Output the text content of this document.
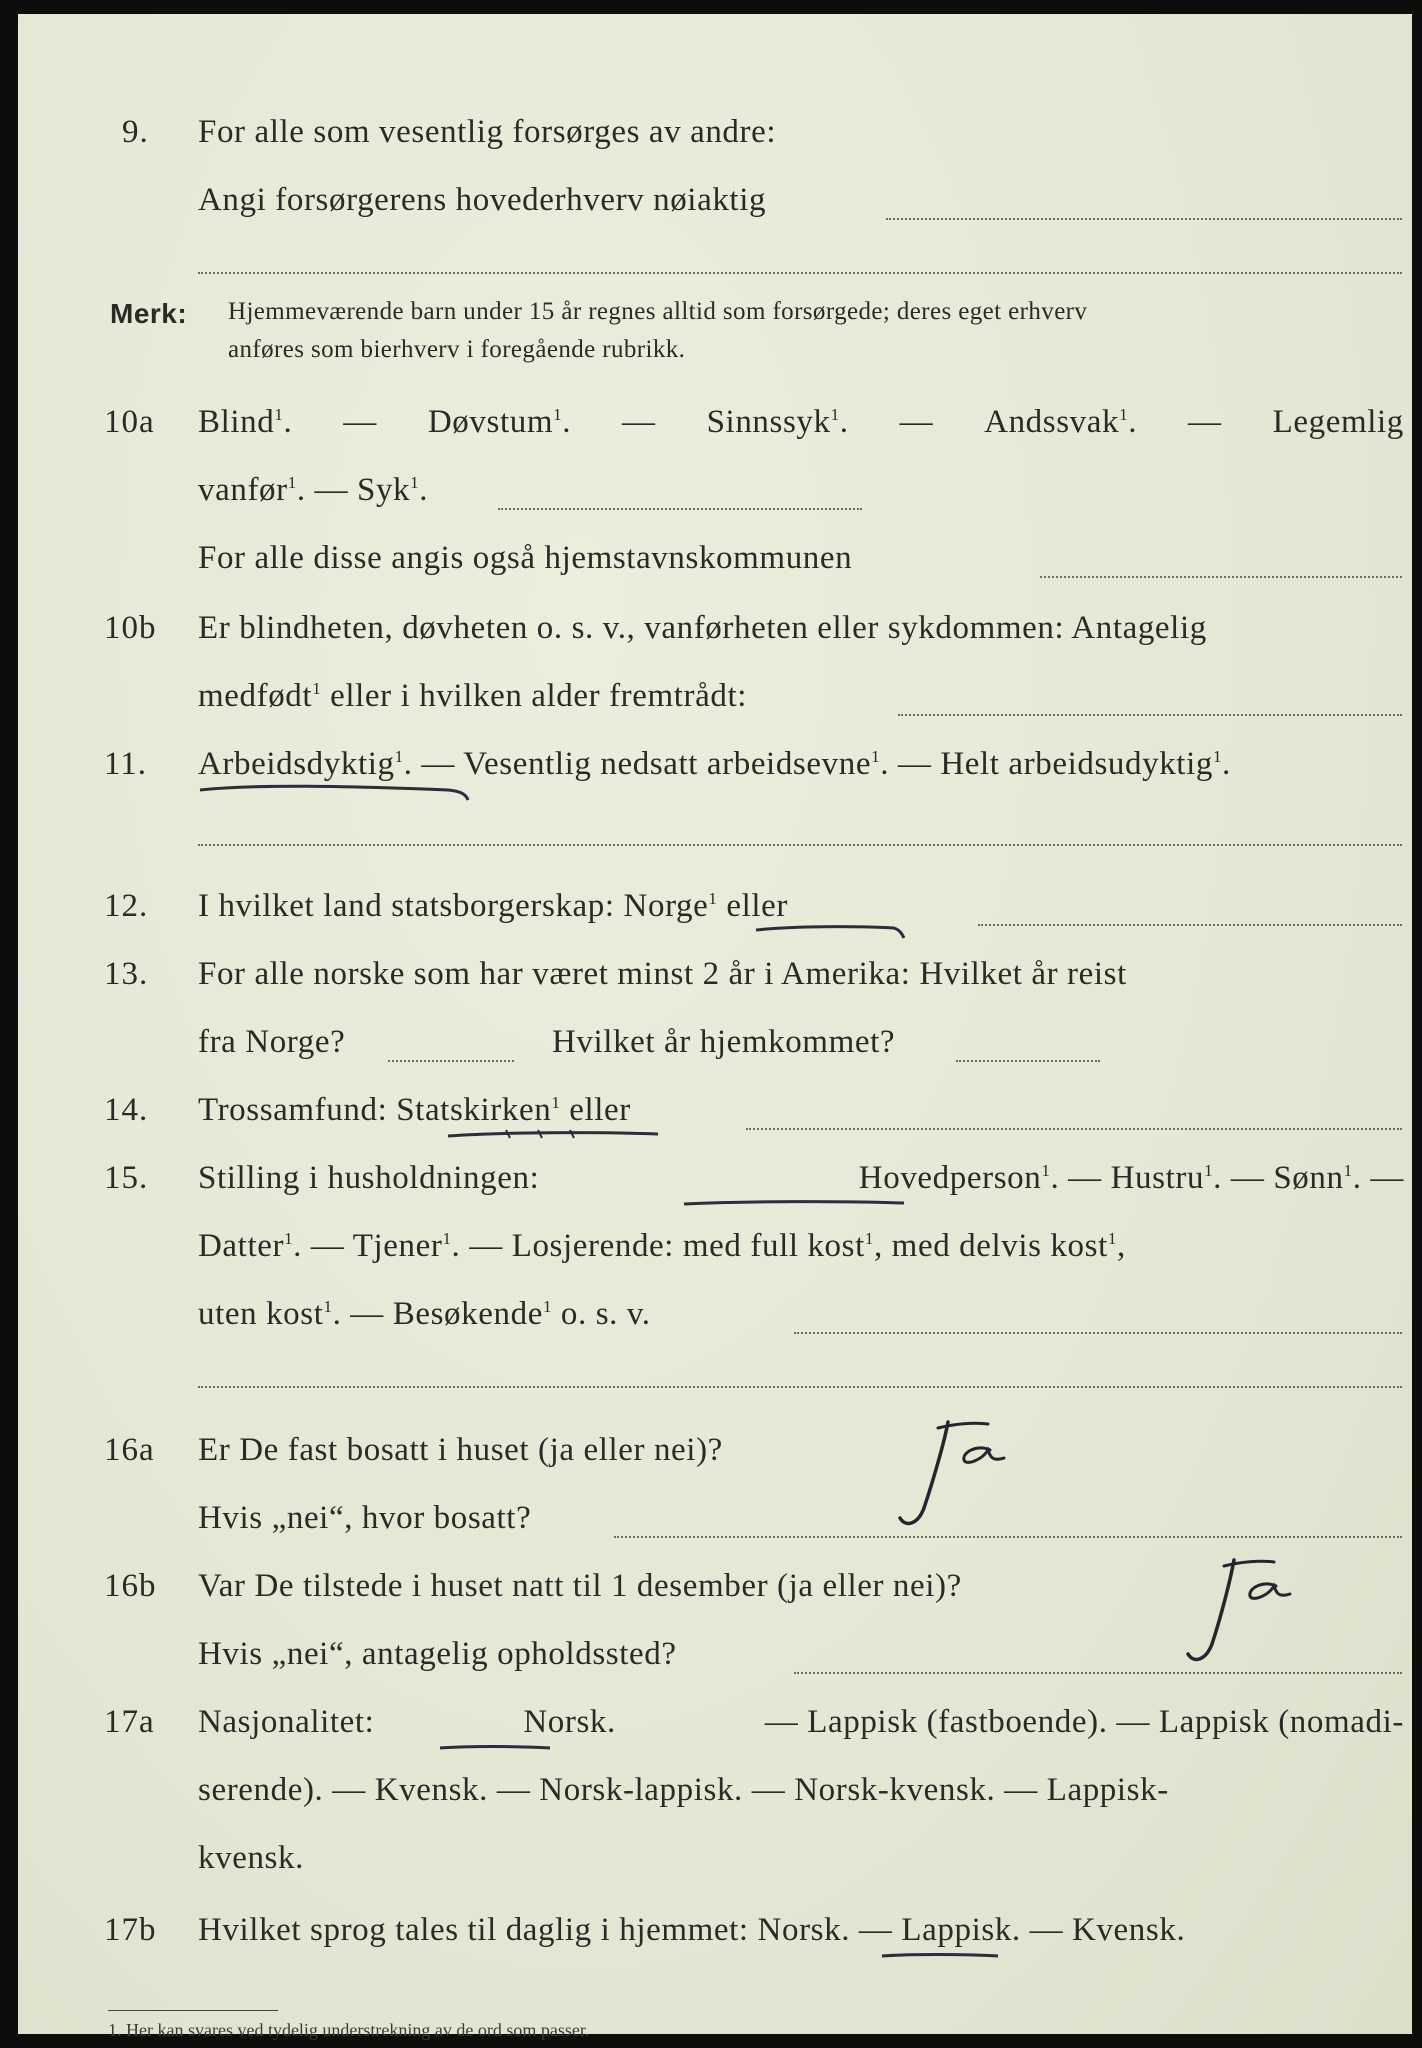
9. For alle som vesentlig forsørges av andre:
Angi forsørgerens hovederhverv nøiaktig
Merk: Hjemmeværende barn under 15 år regnes alltid som forsørgede; deres eget erhverv
anføres som bierhverv i foregående rubrikk.
10a Blind$^1$. — Døvstum$^1$. — Sinnssyk$^1$. — Andssvak$^1$. — Legemlig
vanfør$^1$. — Syk$^1$.
For alle disse angis også hjemstavnskommunen
10b Er blindheten, døvheten o. s. v., vanførheten eller sykdommen: Antagelig
medfødt$^1$ eller i hvilken alder fremtrådt:
11. Arbeidsdyktig$^1$. — Vesentlig nedsatt arbeidsevne$^1$. — Helt arbeidsudyktig$^1$.
12. I hvilket land statsborgerskap: Norge$^1$ eller
13. For alle norske som har været minst 2 år i Amerika: Hvilket år reist
fra Norge?	Hvilket år hjemkommet?
14. Trossamfund: Statskirken$^1$ eller
15. Stilling i husholdningen:	Hovedperson$^1$. — Hustru$^1$. — Sønn$^1$. —
Datter$^1$. — Tjener$^1$. — Losjerende: med full kost$^1$, med delvis kost$^1$,
uten kost$^1$. — Besøkende$^1$ o. s. v.
16a Er De fast bosatt i huset (ja eller nei)?
Hvis „nei“, hvor bosatt?
16b Var De tilstede i huset natt til 1 desember (ja eller nei)?
Hvis „nei“, antagelig opholdssted?
17a Nasjonalitet:	Norsk.	— Lappisk (fastboende). — Lappisk (nomadi-
serende). — Kvensk. — Norsk-lappisk. — Norsk-kvensk. — Lappisk-
kvensk.
17b Hvilket sprog tales til daglig i hjemmet: Norsk. — Lappisk. — Kvensk.
1. Her kan svares ved tydelig understrekning av de ord som passer.
